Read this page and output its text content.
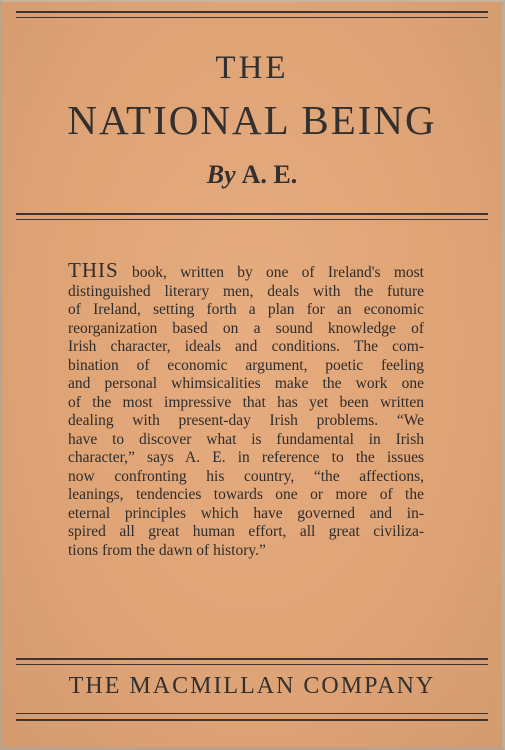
THE
NATIONAL BEING
By A. E.
THIS book, written by one of Ireland's most
distinguished literary men, deals with the future
of Ireland, setting forth a plan for an economic
reorganization based on a sound knowledge of
Irish character, ideals and conditions. The com-
bination of economic argument, poetic feeling
and personal whimsicalities make the work one
of the most impressive that has yet been written
dealing with present-day Irish problems. “We
have to discover what is fundamental in Irish
character,” says A. E. in reference to the issues
now confronting his country, “the affections,
leanings, tendencies towards one or more of the
eternal principles which have governed and in-
spired all great human effort, all great civiliza-
tions from the dawn of history.”
THE MACMILLAN COMPANY
